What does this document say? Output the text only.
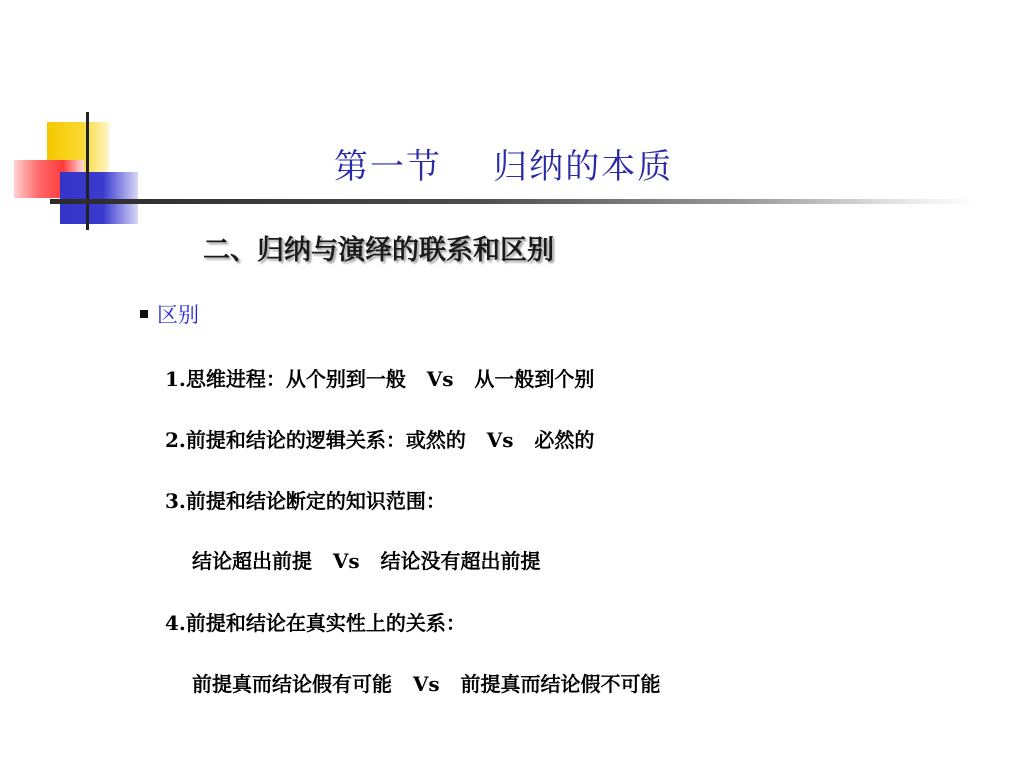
第一节    归纳的本质
二、归纳与演绎的联系和区别
区别

1.思维进程：从个别到一般   Vs   从一般到个别

2.前提和结论的逻辑关系：或然的   Vs   必然的

3.前提和结论断定的知识范围：

结论超出前提   Vs   结论没有超出前提

4.前提和结论在真实性上的关系：

前提真而结论假有可能   Vs   前提真而结论假不可能
